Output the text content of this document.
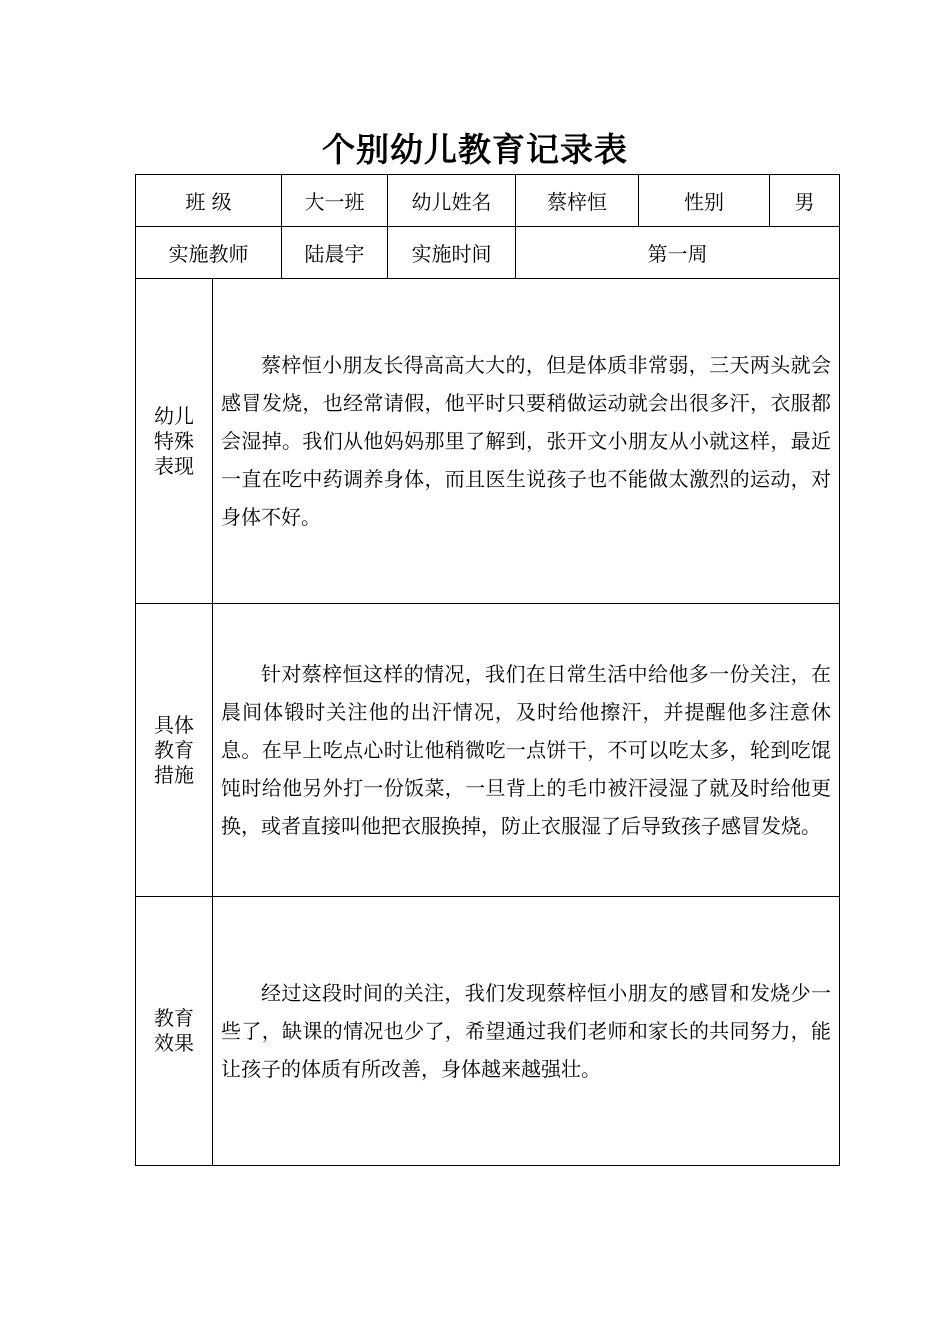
个别幼儿教育记录表
班 级		大一班	幼儿姓名	蔡梓恒	性别	男
实施教师		陆晨宇	实施时间	第一周		

幼儿
特殊
表现	蔡梓恒小朋友长得高高大大的，但是体质非常弱，三天两头就会感冒发烧，也经常请假，他平时只要稍做运动就会出很多汗，衣服都会湿掉。我们从他妈妈那里了解到，张开文小朋友从小就这样，最近一直在吃中药调养身体，而且医生说孩子也不能做太激烈的运动，对身体不好。					

具体
教育
措施	针对蔡梓恒这样的情况，我们在日常生活中给他多一份关注，在晨间体锻时关注他的出汗情况，及时给他擦汗，并提醒他多注意休息。在早上吃点心时让他稍微吃一点饼干，不可以吃太多，轮到吃馄饨时给他另外打一份饭菜，一旦背上的毛巾被汗浸湿了就及时给他更换，或者直接叫他把衣服换掉，防止衣服湿了后导致孩子感冒发烧。					

教育
效果	经过这段时间的关注，我们发现蔡梓恒小朋友的感冒和发烧少一些了，缺课的情况也少了，希望通过我们老师和家长的共同努力，能让孩子的体质有所改善，身体越来越强壮。					
